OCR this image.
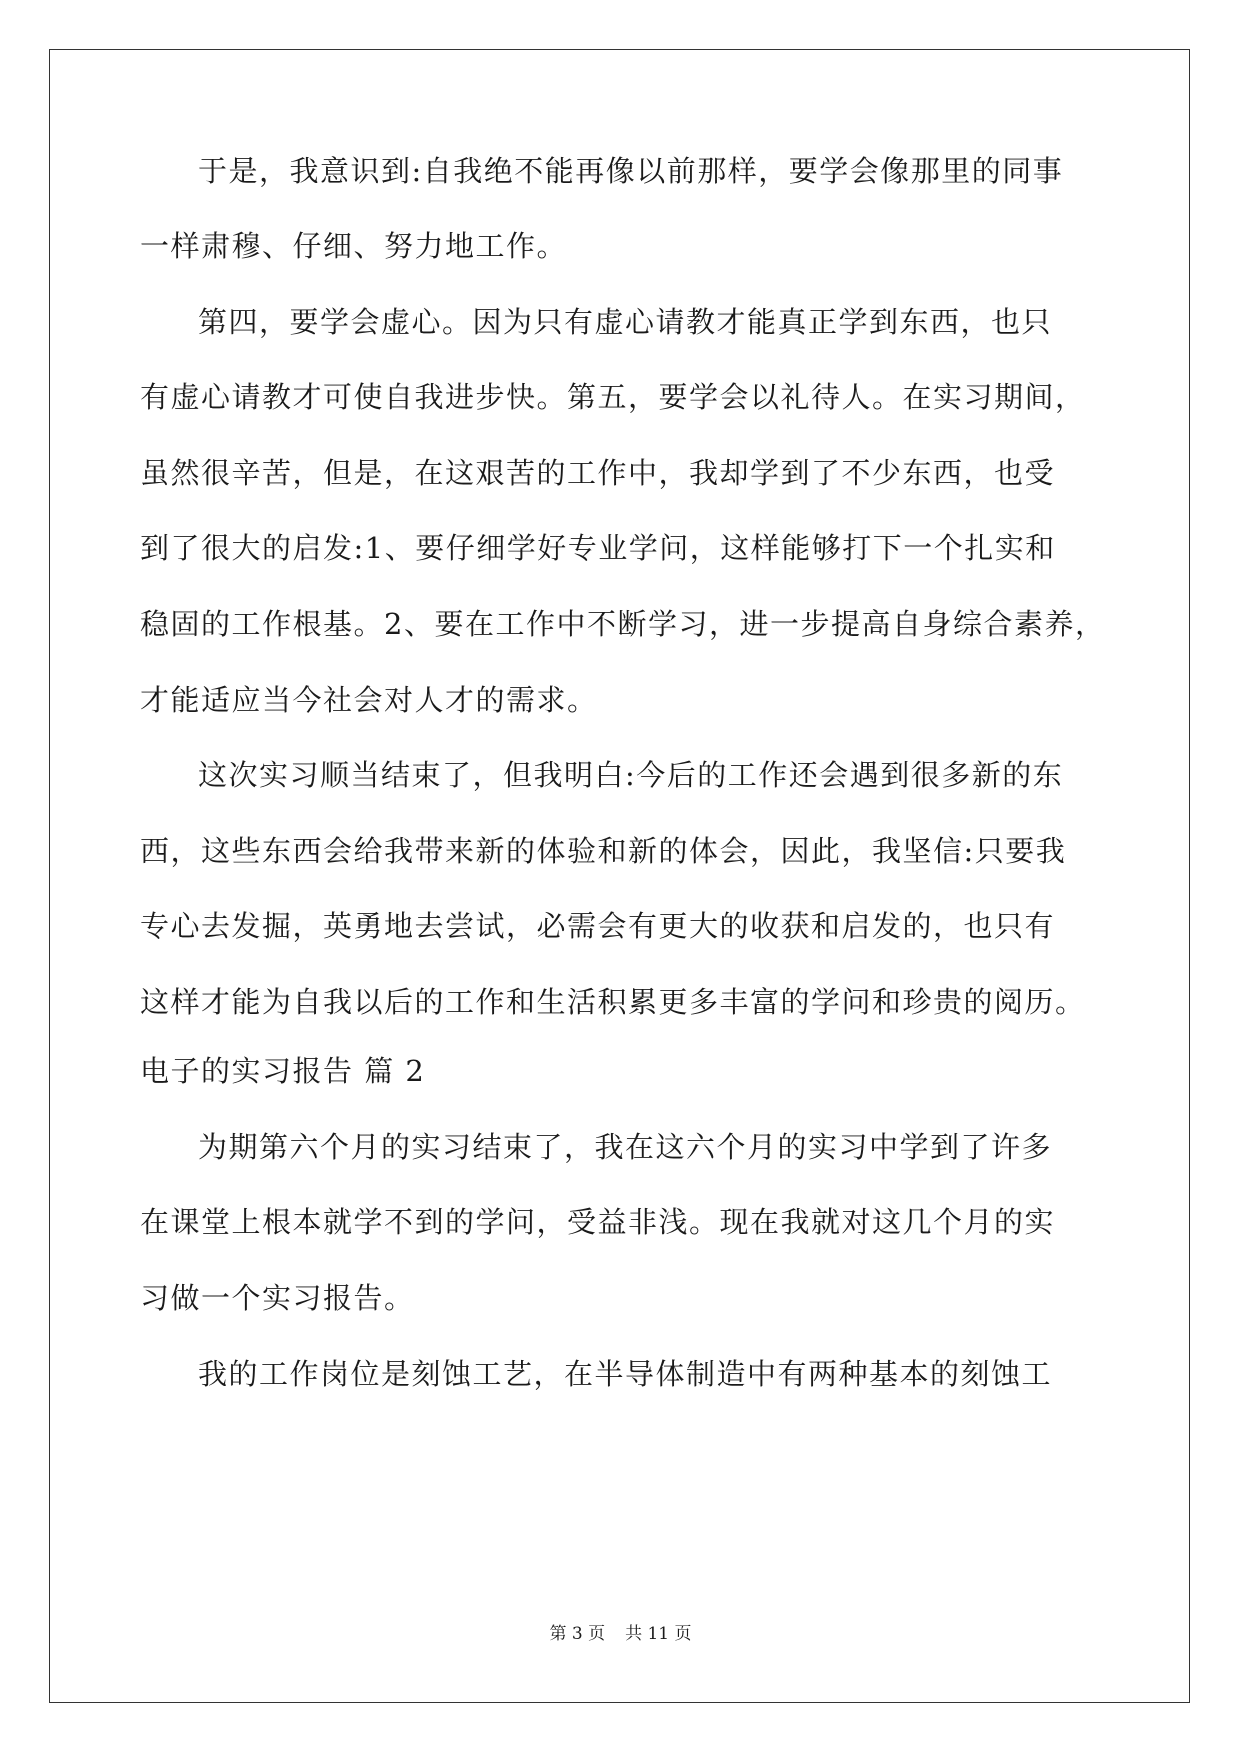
于是，我意识到:自我绝不能再像以前那样，要学会像那里的同事
一样肃穆、仔细、努力地工作。
第四，要学会虚心。因为只有虚心请教才能真正学到东西，也只
有虚心请教才可使自我进步快。第五，要学会以礼待人。在实习期间，
虽然很辛苦，但是，在这艰苦的工作中，我却学到了不少东西，也受
到了很大的启发:1、要仔细学好专业学问，这样能够打下一个扎实和
稳固的工作根基。2、要在工作中不断学习，进一步提高自身综合素养，
才能适应当今社会对人才的需求。
这次实习顺当结束了，但我明白:今后的工作还会遇到很多新的东
西，这些东西会给我带来新的体验和新的体会，因此，我坚信:只要我
专心去发掘，英勇地去尝试，必需会有更大的收获和启发的，也只有
这样才能为自我以后的工作和生活积累更多丰富的学问和珍贵的阅历。
电子的实习报告 篇 2
为期第六个月的实习结束了，我在这六个月的实习中学到了许多
在课堂上根本就学不到的学问，受益非浅。现在我就对这几个月的实
习做一个实习报告。
我的工作岗位是刻蚀工艺，在半导体制造中有两种基本的刻蚀工
第 3 页 共 11 页
